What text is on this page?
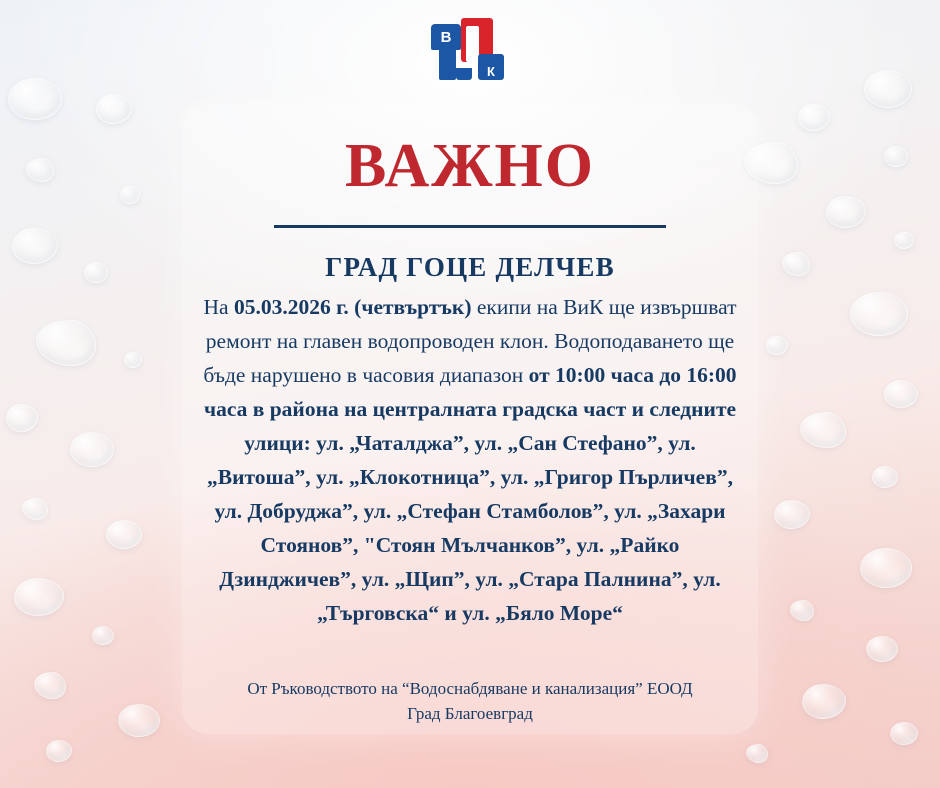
В
К
ВАЖНО
ГРАД ГОЦЕ ДЕЛЧЕВ
На 05.03.2026 г. (четвъртък) екипи на ВиК ще извършват ремонт на главен водопроводен клон. Водоподаването ще бъде нарушено в часовия диапазон от 10:00 часа до 16:00 часа в района на централната градска част и следните улици: ул. „Чаталджа”, ул. „Сан Стефано”, ул. „Витоша”, ул. „Клокотница”, ул. „Григор Пърличев”, ул. Добруджа”, ул. „Стефан Стамболов”, ул. „Захари Стоянов”, "Стоян Мълчанков”, ул. „Райко Дзинджичев”, ул. „Щип”, ул. „Стара Палнина”, ул. „Търговска“ и ул. „Бяло Море“
От Ръководството на “Водоснабдяване и канализация” ЕООД
Град Благоевград
